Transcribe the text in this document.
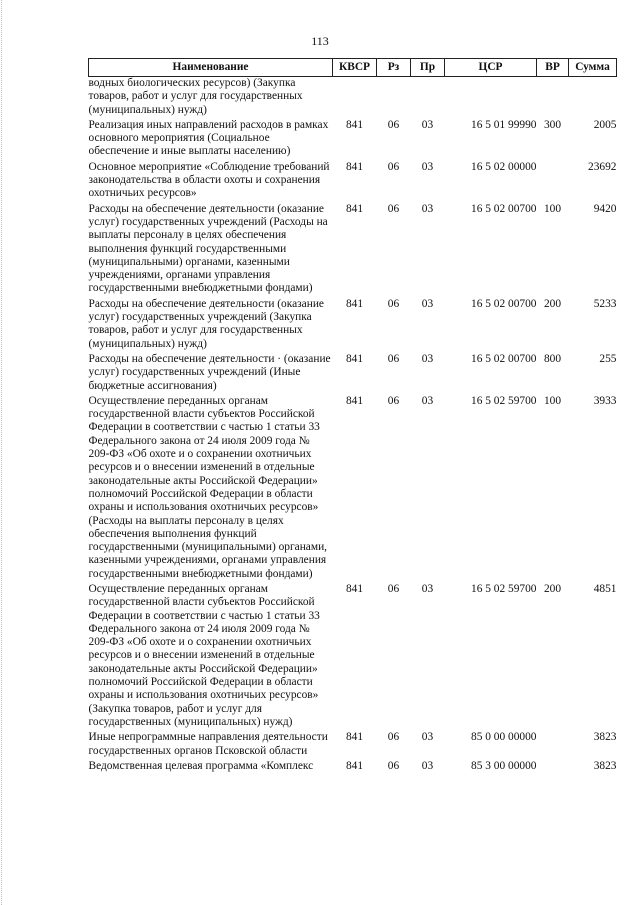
113
Наименование	КВСР	Рз	Пр	ЦСР	ВР	Сумма
водных биологических ресурсов) (Закупка товаров, работ и услуг для государственных (муниципальных) нужд)						
Реализация иных направлений расходов в рамках основного мероприятия (Социальное обеспечение и иные выплаты населению)	841	06	03	16 5 01 99990	300	2005
Основное мероприятие «Соблюдение требований законодательства в области охоты и сохранения охотничьих ресурсов»	841	06	03	16 5 02 00000		23692
Расходы на обеспечение деятельности (оказание услуг) государственных учреждений (Расходы на выплаты персоналу в целях обеспечения выполнения функций государственными (муниципальными) органами, казенными учреждениями, органами управления государственными внебюджетными фондами)	841	06	03	16 5 02 00700	100	9420
Расходы на обеспечение деятельности (оказание услуг) государственных учреждений (Закупка товаров, работ и услуг для государственных (муниципальных) нужд)	841	06	03	16 5 02 00700	200	5233
Расходы на обеспечение деятельности · (оказание услуг) государственных учреждений (Иные бюджетные ассигнования)	841	06	03	16 5 02 00700	800	255
Осуществление переданных органам государственной власти субъектов Российской Федерации в соответствии с частью 1 статьи 33 Федерального закона от 24 июля 2009 года № 209-ФЗ «Об охоте и о сохранении охотничьих ресурсов и о внесении изменений в отдельные законодательные акты Российской Федерации» полномочий Российской Федерации в области охраны и использования охотничьих ресурсов» (Расходы на выплаты персоналу в целях обеспечения выполнения функций государственными (муниципальными) органами, казенными учреждениями, органами управления государственными внебюджетными фондами)	841	06	03	16 5 02 59700	100	3933
Осуществление переданных органам государственной власти субъектов Российской Федерации в соответствии с частью 1 статьи 33 Федерального закона от 24 июля 2009 года № 209-ФЗ «Об охоте и о сохранении охотничьих ресурсов и о внесении изменений в отдельные законодательные акты Российской Федерации» полномочий Российской Федерации в области охраны и использования охотничьих ресурсов» (Закупка товаров, работ и услуг для государственных (муниципальных) нужд)	841	06	03	16 5 02 59700	200	4851
Иные непрограммные направления деятельности государственных органов Псковской области	841	06	03	85 0 00 00000		3823
Ведомственная целевая программа «Комплекс	841	06	03	85 3 00 00000		3823
